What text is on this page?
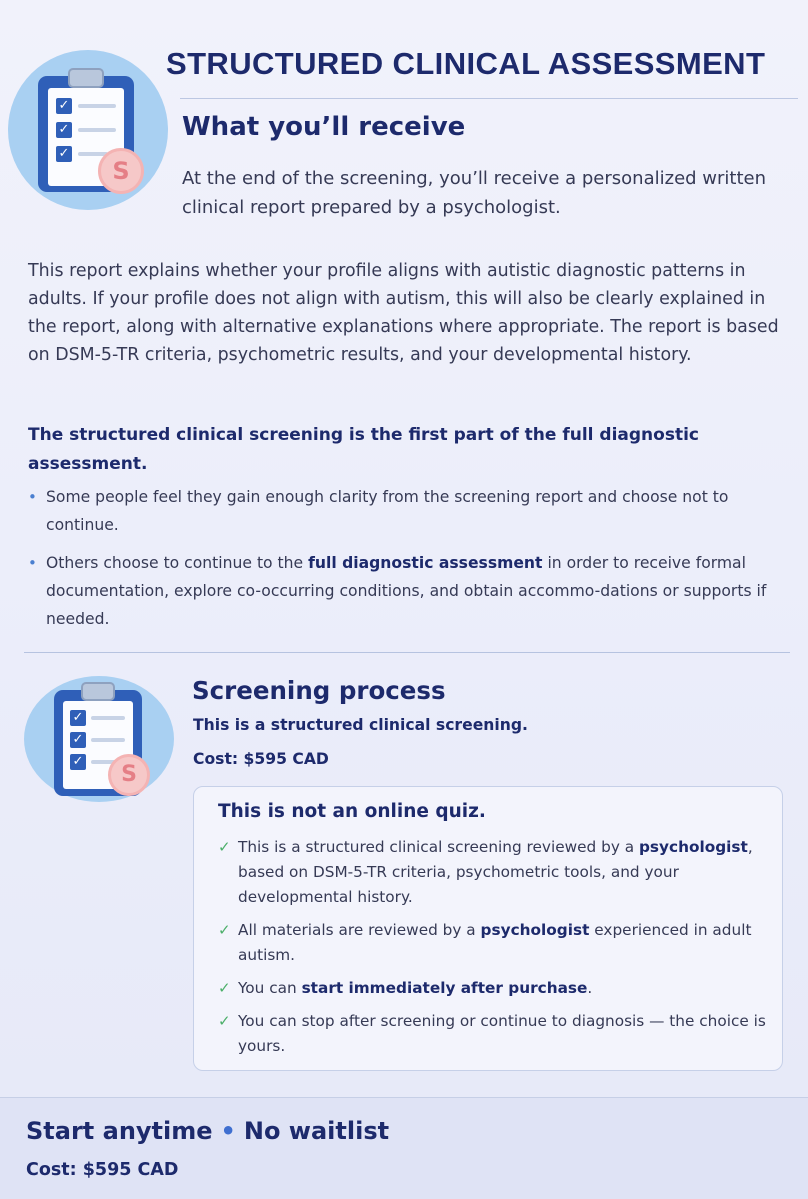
✓
✓
✓
S
STRUCTURED CLINICAL ASSESSMENT
What you’ll receive
At the end of the screening, you’ll receive a personalized written clinical report prepared by a psychologist.
This report explains whether your profile aligns with autistic diagnostic patterns in adults. If your profile does not align with autism, this will also be clearly explained in the report, along with alternative explanations where appropriate. The report is based on DSM-5-TR criteria, psychometric results, and your developmental history.
The structured clinical screening is the first part of the full diagnostic assessment.
• Some people feel they gain enough clarity from the screening report and choose not to continue.
• Others choose to continue to the full diagnostic assessment in order to receive formal documentation, explore co-occurring conditions, and obtain accommo-dations or supports if needed.
✓
✓
✓
S
Screening process
This is a structured clinical screening.
Cost: $595 CAD
This is not an online quiz.
✓ This is a structured clinical screening reviewed by a psychologist, based on DSM-5-TR criteria, psychometric tools, and your developmental history.
✓ All materials are reviewed by a psychologist experienced in adult autism.
✓ You can start immediately after purchase.
✓ You can stop after screening or continue to diagnosis — the choice is yours.
Start anytime • No waitlist
Cost: $595 CAD
